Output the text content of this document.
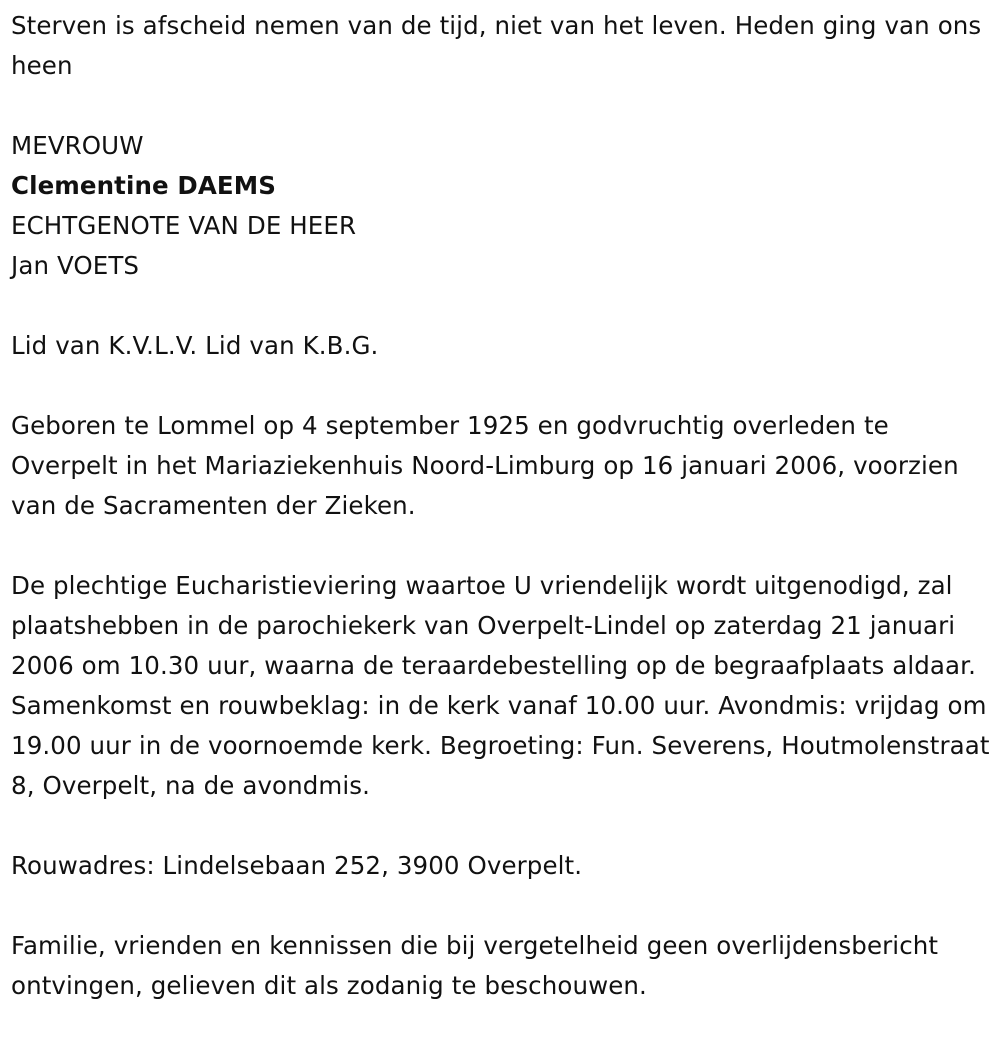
Sterven is afscheid nemen van de tijd, niet van het leven. Heden ging van ons heen

MEVROUW

Clementine DAEMS

ECHTGENOTE VAN DE HEER

Jan VOETS

Lid van K.V.L.V. Lid van K.B.G.

Geboren te Lommel op 4 september 1925 en godvruchtig overleden te Overpelt in het Mariaziekenhuis Noord-Limburg op 16 januari 2006, voorzien van de Sacramenten der Zieken.

De plechtige Eucharistieviering waartoe U vriendelijk wordt uitgenodigd, zal plaatshebben in de parochiekerk van Overpelt-Lindel op zaterdag 21 januari 2006 om 10.30 uur, waarna de teraardebestelling op de begraafplaats aldaar. Samenkomst en rouwbeklag: in de kerk vanaf 10.00 uur. Avondmis: vrijdag om 19.00 uur in de voornoemde kerk. Begroeting: Fun. Severens, Houtmolenstraat 8, Overpelt, na de avondmis.

Rouwadres: Lindelsebaan 252, 3900 Overpelt.

Familie, vrienden en kennissen die bij vergetelheid geen overlijdensbericht ontvingen, gelieven dit als zodanig te beschouwen.
